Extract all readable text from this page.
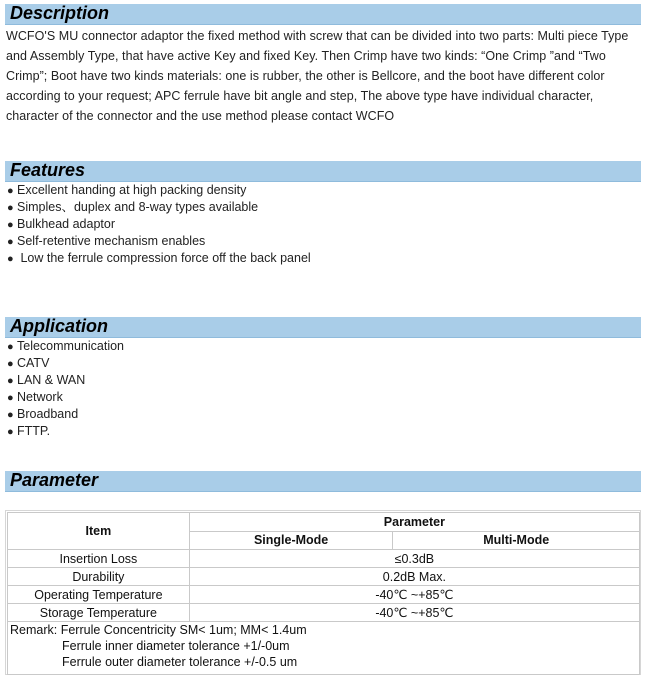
Description
WCFO'S MU connector adaptor the fixed method with screw that can be divided into two parts: Multi piece Type and Assembly Type, that have active Key and fixed Key. Then Crimp have two kinds: “One Crimp ”and “Two Crimp”; Boot have two kinds materials: one is rubber, the other is Bellcore, and the boot have different color according to your request; APC ferrule have bit angle and step, The above type have individual character, character of the connector and the use method please contact WCFO
Features
● Excellent handing at high packing density
● Simples、duplex and 8-way types available
● Bulkhead adaptor
● Self-retentive mechanism enables
● Low the ferrule compression force off the back panel
Application
● Telecommunication
● CATV
● LAN & WAN
● Network
● Broadband
● FTTP.
Parameter
Item	Parameter	
	Single-Mode	Multi-Mode
Insertion Loss	≤0.3dB	
Durability	0.2dB Max.	
Operating Temperature	-40℃ ~+85℃	
Storage Temperature	-40℃ ~+85℃	

Remark: Ferrule Concentricity SM< 1um; MM< 1.4um
Ferrule inner diameter tolerance +1/-0um
Ferrule outer diameter tolerance +/-0.5 um		
